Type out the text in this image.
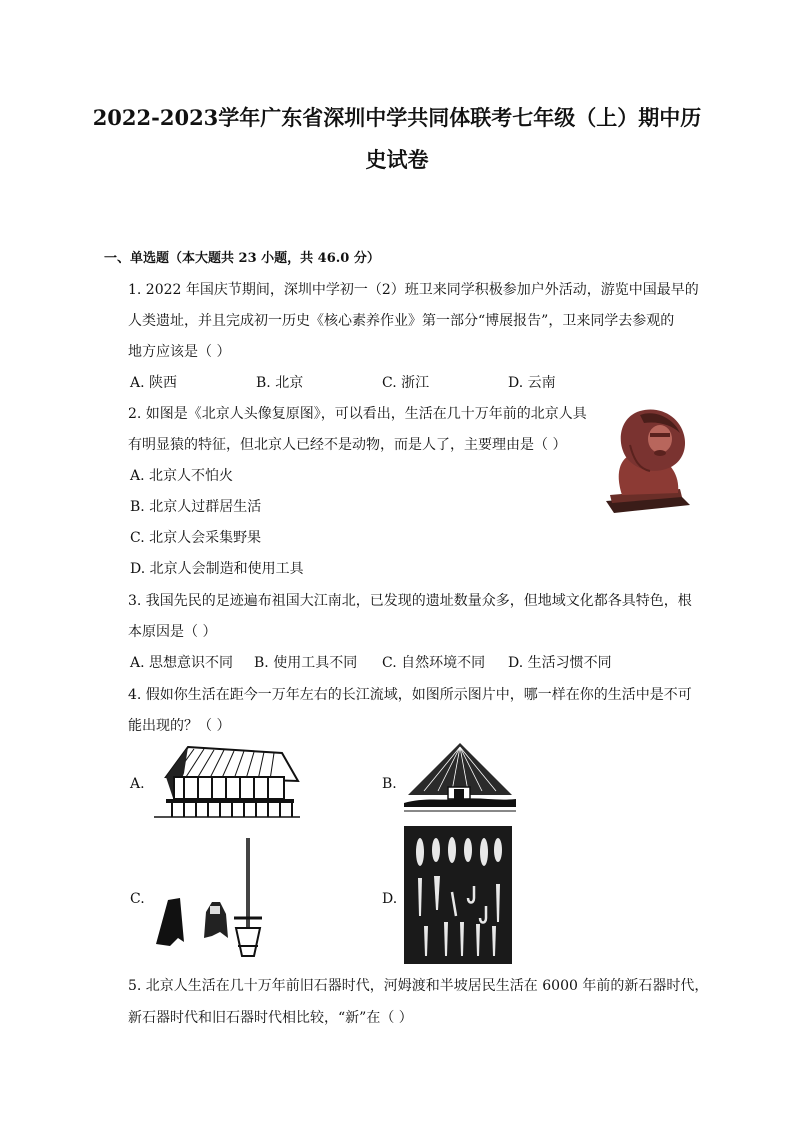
2022-2023学年广东省深圳中学共同体联考七年级（上）期中历
史试卷
一、单选题（本大题共 23 小题，共 46.0 分）
1. 2022 年国庆节期间，深圳中学初一（2）班卫来同学积极参加户外活动，游览中国最早的
人类遗址，并且完成初一历史《核心素养作业》第一部分“博展报告”，卫来同学去参观的
地方应该是（ ）
A. 陕西	B. 北京	C. 浙江	D. 云南
2. 如图是《北京人头像复原图》，可以看出，生活在几十万年前的北京人具
有明显猿的特征，但北京人已经不是动物，而是人了，主要理由是（ ）
A. 北京人不怕火
B. 北京人过群居生活
C. 北京人会采集野果
D. 北京人会制造和使用工具
3. 我国先民的足迹遍布祖国大江南北，已发现的遗址数量众多，但地域文化都各具特色，根
本原因是（ ）
A. 思想意识不同 B. 使用工具不同 C. 自然环境不同 D. 生活习惯不同
4. 假如你生活在距今一万年左右的长江流域，如图所示图片中，哪一样在你的生活中是不可
能出现的？（ ）
A.	B.
C.	D.
5. 北京人生活在几十万年前旧石器时代，河姆渡和半坡居民生活在 6000 年前的新石器时代，
新石器时代和旧石器时代相比较，“新”在（ ）
